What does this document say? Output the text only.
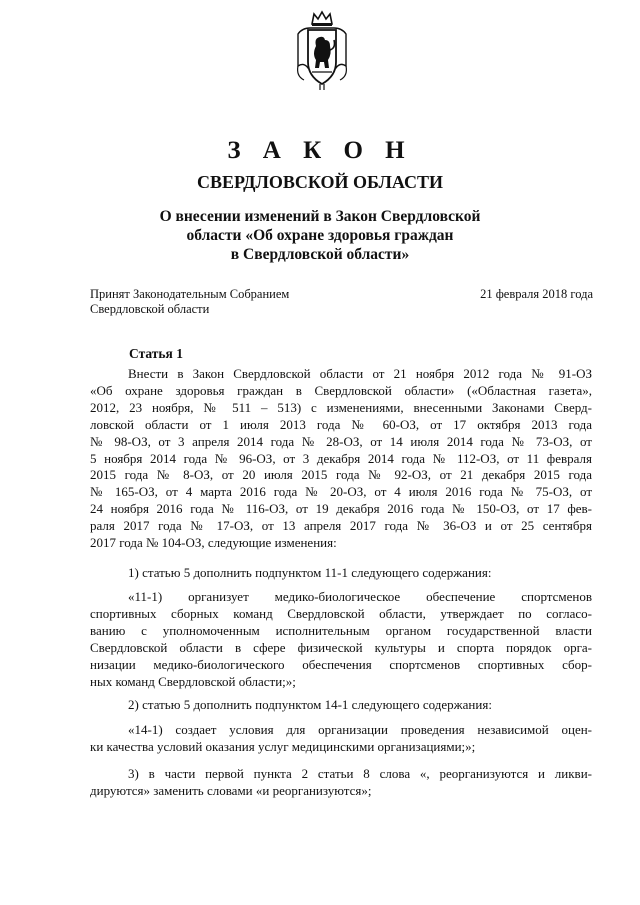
З А К О Н
СВЕРДЛОВСКОЙ ОБЛАСТИ
О внесении изменений в Закон Свердловской
области «Об охране здоровья граждан
в Свердловской области»
Принят Законодательным Собранием
Свердловской области
21 февраля 2018 года
Статья 1
Внести в Закон Свердловской области от 21 ноября 2012 года № 91-ОЗ
«Об охране здоровья граждан в Свердловской области» («Областная газета»,
2012, 23 ноября, № 511 – 513) с изменениями, внесенными Законами Сверд-
ловской области от 1 июля 2013 года № 60-ОЗ, от 17 октября 2013 года
№ 98-ОЗ, от 3 апреля 2014 года № 28-ОЗ, от 14 июля 2014 года № 73-ОЗ, от
5 ноября 2014 года № 96-ОЗ, от 3 декабря 2014 года № 112-ОЗ, от 11 февраля
2015 года № 8-ОЗ, от 20 июля 2015 года № 92-ОЗ, от 21 декабря 2015 года
№ 165-ОЗ, от 4 марта 2016 года № 20-ОЗ, от 4 июля 2016 года № 75-ОЗ, от
24 ноября 2016 года № 116-ОЗ, от 19 декабря 2016 года № 150-ОЗ, от 17 фев-
раля 2017 года № 17-ОЗ, от 13 апреля 2017 года № 36-ОЗ и от 25 сентября
2017 года № 104-ОЗ, следующие изменения:
1) статью 5 дополнить подпунктом 11-1 следующего содержания:
«11-1) организует медико-биологическое обеспечение спортсменов
спортивных сборных команд Свердловской области, утверждает по согласо-
ванию с уполномоченным исполнительным органом государственной власти
Свердловской области в сфере физической культуры и спорта порядок орга-
низации медико-биологического обеспечения спортсменов спортивных сбор-
ных команд Свердловской области;»;
2) статью 5 дополнить подпунктом 14-1 следующего содержания:
«14-1) создает условия для организации проведения независимой оцен-
ки качества условий оказания услуг медицинскими организациями;»;
3) в части первой пункта 2 статьи 8 слова «, реорганизуются и ликви-
дируются» заменить словами «и реорганизуются»;
